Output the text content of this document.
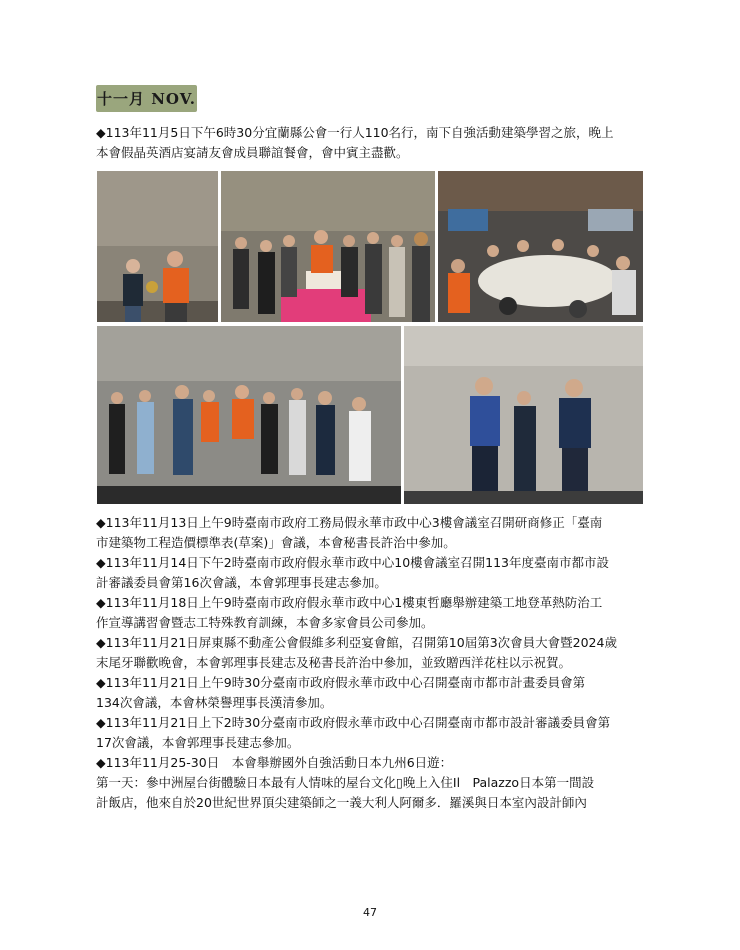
十一月 NOV.
◆113年11月5日下午6時30分宜蘭縣公會一行人110名行，南下自強活動建築學習之旅，晚上
本會假晶英酒店宴請友會成員聯誼餐會，會中賓主盡歡。
◆113年11月13日上午9時臺南市政府工務局假永華市政中心3樓會議室召開研商修正「臺南
市建築物工程造價標準表(草案)」會議，本會秘書長許治中參加。
◆113年11月14日下午2時臺南市政府假永華市政中心10樓會議室召開113年度臺南市都市設
計審議委員會第16次會議，本會郭理事長建志參加。
◆113年11月18日上午9時臺南市政府假永華市政中心1樓東哲廳舉辦建築工地登革熱防治工
作宣導講習會暨志工特殊教育訓練，本會多家會員公司參加。
◆113年11月21日屏東縣不動產公會假維多利亞宴會館，召開第10屆第3次會員大會暨2024歲
末尾牙聯歡晚會，本會郭理事長建志及秘書長許治中參加，並致贈西洋花柱以示祝賀。
◆113年11月21日上午9時30分臺南市政府假永華市政中心召開臺南市都市計畫委員會第
134次會議，本會林榮譽理事長漢清參加。
◆113年11月21日上下2時30分臺南市政府假永華市政中心召開臺南市都市設計審議委員會第
17次會議，本會郭理事長建志參加。
◆113年11月25-30日　本會舉辦國外自強活動日本九州6日遊：
第一天：參中洲屋台街體驗日本最有人情味的屋台文化▯晚上入住Il　Palazzo日本第一間設
計飯店，他來自於20世紀世界頂尖建築師之一義大利人阿爾多．羅溪與日本室內設計師內
47
